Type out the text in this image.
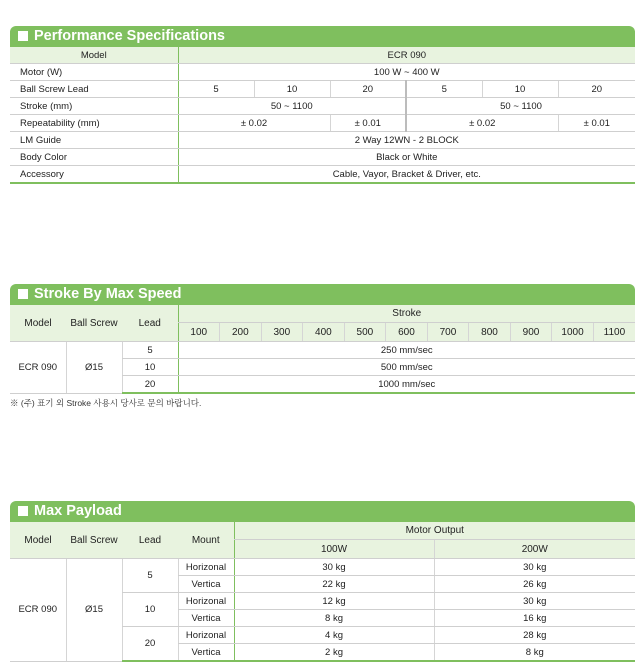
Performance Specifications
Model	ECR 090					
Motor (W)	100 W ~ 400 W					
Ball Screw Lead	5	10	20	5	10	20
Stroke (mm)	50 ~ 1100			50 ~ 1100		
Repeatability (mm)	± 0.02		± 0.01	± 0.02		± 0.01
LM Guide	2 Way 12WN - 2 BLOCK					
Body Color	Black or White					
Accessory	Cable, Vayor, Bracket & Driver, etc.					
Stroke By Max Speed
Model	Ball Screw	Lead	Stroke										
			100	200	300	400	500	600	700	800	900	1000	1100
ECR 090	Ø15	5	250 mm/sec										
		10	500 mm/sec										
		20	1000 mm/sec										
※ (주) 표기 외 Stroke 사용시 당사로 문의 바랍니다.
Max Payload
Model	Ball Screw	Lead	Mount	Motor Output	
				100W	200W
ECR 090	Ø15	5	Horizonal	30 kg	30 kg
			Vertica	22 kg	26 kg
		10	Horizonal	12 kg	30 kg
			Vertica	8 kg	16 kg
		20	Horizonal	4 kg	28 kg
			Vertica	2 kg	8 kg
